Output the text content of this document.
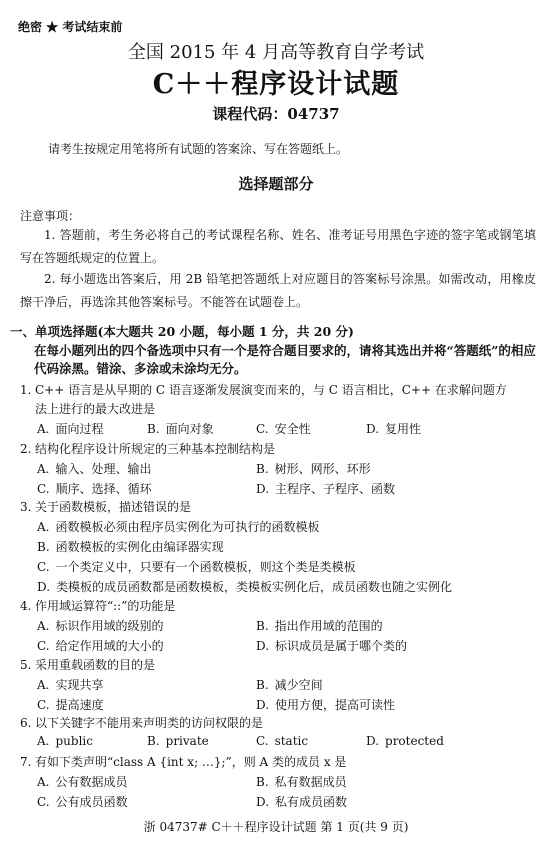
绝密 ★ 考试结束前
全国 2015 年 4 月高等教育自学考试
C＋＋程序设计试题
课程代码：04737
请考生按规定用笔将所有试题的答案涂、写在答题纸上。
选择题部分
注意事项：
1. 答题前，考生务必将自己的考试课程名称、姓名、准考证号用黑色字迹的签字笔或钢笔填写在答题纸规定的位置上。
2. 每小题选出答案后，用 2B 铅笔把答题纸上对应题目的答案标号涂黑。如需改动，用橡皮擦干净后，再选涂其他答案标号。不能答在试题卷上。
一、单项选择题(本大题共 20 小题，每小题 1 分，共 20 分)
在每小题列出的四个备选项中只有一个是符合题目要求的，请将其选出并将“答题纸”的相应代码涂黑。错涂、多涂或未涂均无分。
1. C++ 语言是从早期的 C 语言逐渐发展演变而来的，与 C 语言相比，C++ 在求解问题方
法上进行的最大改进是
A. 面向过程	B. 面向对象	C. 安全性	D. 复用性
2. 结构化程序设计所规定的三种基本控制结构是
A. 输入、处理、输出	B. 树形、网形、环形
C. 顺序、选择、循环	D. 主程序、子程序、函数
3. 关于函数模板，描述错误的是
A. 函数模板必须由程序员实例化为可执行的函数模板
B. 函数模板的实例化由编译器实现
C. 一个类定义中，只要有一个函数模板，则这个类是类模板
D. 类模板的成员函数都是函数模板，类模板实例化后，成员函数也随之实例化
4. 作用域运算符“::”的功能是
A. 标识作用域的级别的	B. 指出作用域的范围的
C. 给定作用域的大小的	D. 标识成员是属于哪个类的
5. 采用重载函数的目的是
A. 实现共享	B. 减少空间
C. 提高速度	D. 使用方便，提高可读性
6. 以下关键字不能用来声明类的访问权限的是
A. public	B. private	C. static	D. protected
7. 有如下类声明“class A {int x; …};”，则 A 类的成员 x 是
A. 公有数据成员	B. 私有数据成员
C. 公有成员函数	D. 私有成员函数
浙 04737# C＋＋程序设计试题 第 1 页(共 9 页)
